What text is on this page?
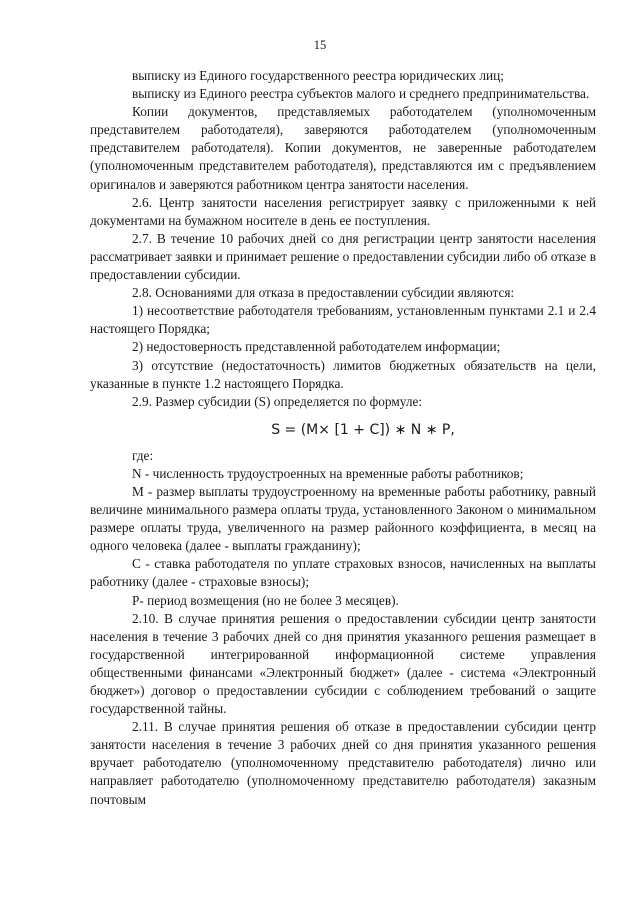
15

выписку из Единого государственного реестра юридических лиц;

выписку из Единого реестра субъектов малого и среднего предпринимательства.

Копии документов, представляемых работодателем (уполномоченным представителем работодателя), заверяются работодателем (уполномоченным представителем работодателя). Копии документов, не заверенные работодателем (уполномоченным представителем работодателя), представляются им с предъявлением оригиналов и заверяются работником центра занятости населения.

2.6. Центр занятости населения регистрирует заявку с приложенными к ней документами на бумажном носителе в день ее поступления.

2.7. В течение 10 рабочих дней со дня регистрации центр занятости населения рассматривает заявки и принимает решение о предоставлении субсидии либо об отказе в предоставлении субсидии.

2.8. Основаниями для отказа в предоставлении субсидии являются:

1) несоответствие работодателя требованиям, установленным пунктами 2.1 и 2.4 настоящего Порядка;

2) недостоверность представленной работодателем информации;

3) отсутствие (недостаточность) лимитов бюджетных обязательств на цели, указанные в пункте 1.2 настоящего Порядка.

2.9. Размер субсидии (S) определяется по формуле:

S = (M× [1 + C]) ∗ N ∗ P,

где:

N - численность трудоустроенных на временные работы работников;

M - размер выплаты трудоустроенному на временные работы работнику, равный величине минимального размера оплаты труда, установленного Законом о минимальном размере оплаты труда, увеличенного на размер районного коэффициента, в месяц на одного человека (далее - выплаты гражданину);

C - ставка работодателя по уплате страховых взносов, начисленных на выплаты работнику (далее - страховые взносы);

P- период возмещения (но не более 3 месяцев).

2.10. В случае принятия решения о предоставлении субсидии центр занятости населения в течение 3 рабочих дней со дня принятия указанного решения размещает в государственной интегрированной информационной системе управления общественными финансами «Электронный бюджет» (далее - система «Электронный бюджет») договор о предоставлении субсидии с соблюдением требований о защите государственной тайны.

2.11. В случае принятия решения об отказе в предоставлении субсидии центр занятости населения в течение 3 рабочих дней со дня принятия указанного решения вручает работодателю (уполномоченному представителю работодателя) лично или направляет работодателю (уполномоченному представителю работодателя) заказным почтовым
